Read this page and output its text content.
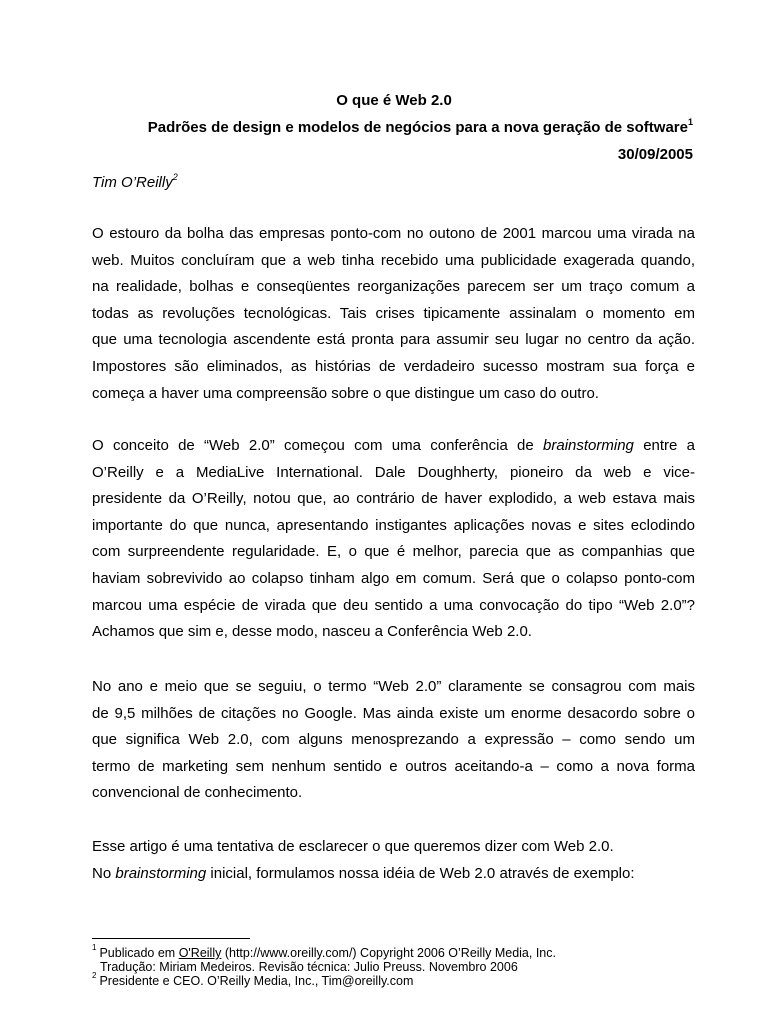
O que é Web 2.0
Padrões de design e modelos de negócios para a nova geração de software$^1$
30/09/2005
Tim O’Reilly$^2$
O estouro da bolha das empresas ponto-com no outono de 2001 marcou uma virada na
web. Muitos concluíram que a web tinha recebido uma publicidade exagerada quando,
na realidade, bolhas e conseqüentes reorganizações parecem ser um traço comum a
todas as revoluções tecnológicas. Tais crises tipicamente assinalam o momento em
que uma tecnologia ascendente está pronta para assumir seu lugar no centro da ação.
Impostores são eliminados, as histórias de verdadeiro sucesso mostram sua força e
começa a haver uma compreensão sobre o que distingue um caso do outro.
O conceito de “Web 2.0” começou com uma conferência de brainstorming entre a
O’Reilly e a MediaLive International. Dale Doughherty, pioneiro da web e vice-
presidente da O’Reilly, notou que, ao contrário de haver explodido, a web estava mais
importante do que nunca, apresentando instigantes aplicações novas e sites eclodindo
com surpreendente regularidade. E, o que é melhor, parecia que as companhias que
haviam sobrevivido ao colapso tinham algo em comum. Será que o colapso ponto-com
marcou uma espécie de virada que deu sentido a uma convocação do tipo “Web 2.0”?
Achamos que sim e, desse modo, nasceu a Conferência Web 2.0.
No ano e meio que se seguiu, o termo “Web 2.0” claramente se consagrou com mais
de 9,5 milhões de citações no Google. Mas ainda existe um enorme desacordo sobre o
que significa Web 2.0, com alguns menosprezando a expressão – como sendo um
termo de marketing sem nenhum sentido e outros aceitando-a – como a nova forma
convencional de conhecimento.
Esse artigo é uma tentativa de esclarecer o que queremos dizer com Web 2.0.
No brainstorming inicial, formulamos nossa idéia de Web 2.0 através de exemplo:
$^1$ Publicado em O'Reilly (http://www.oreilly.com/) Copyright 2006 O’Reilly Media, Inc.
Tradução: Miriam Medeiros. Revisão técnica: Julio Preuss. Novembro 2006
$^2$ Presidente e CEO. O’Reilly Media, Inc., Tim@oreilly.com
